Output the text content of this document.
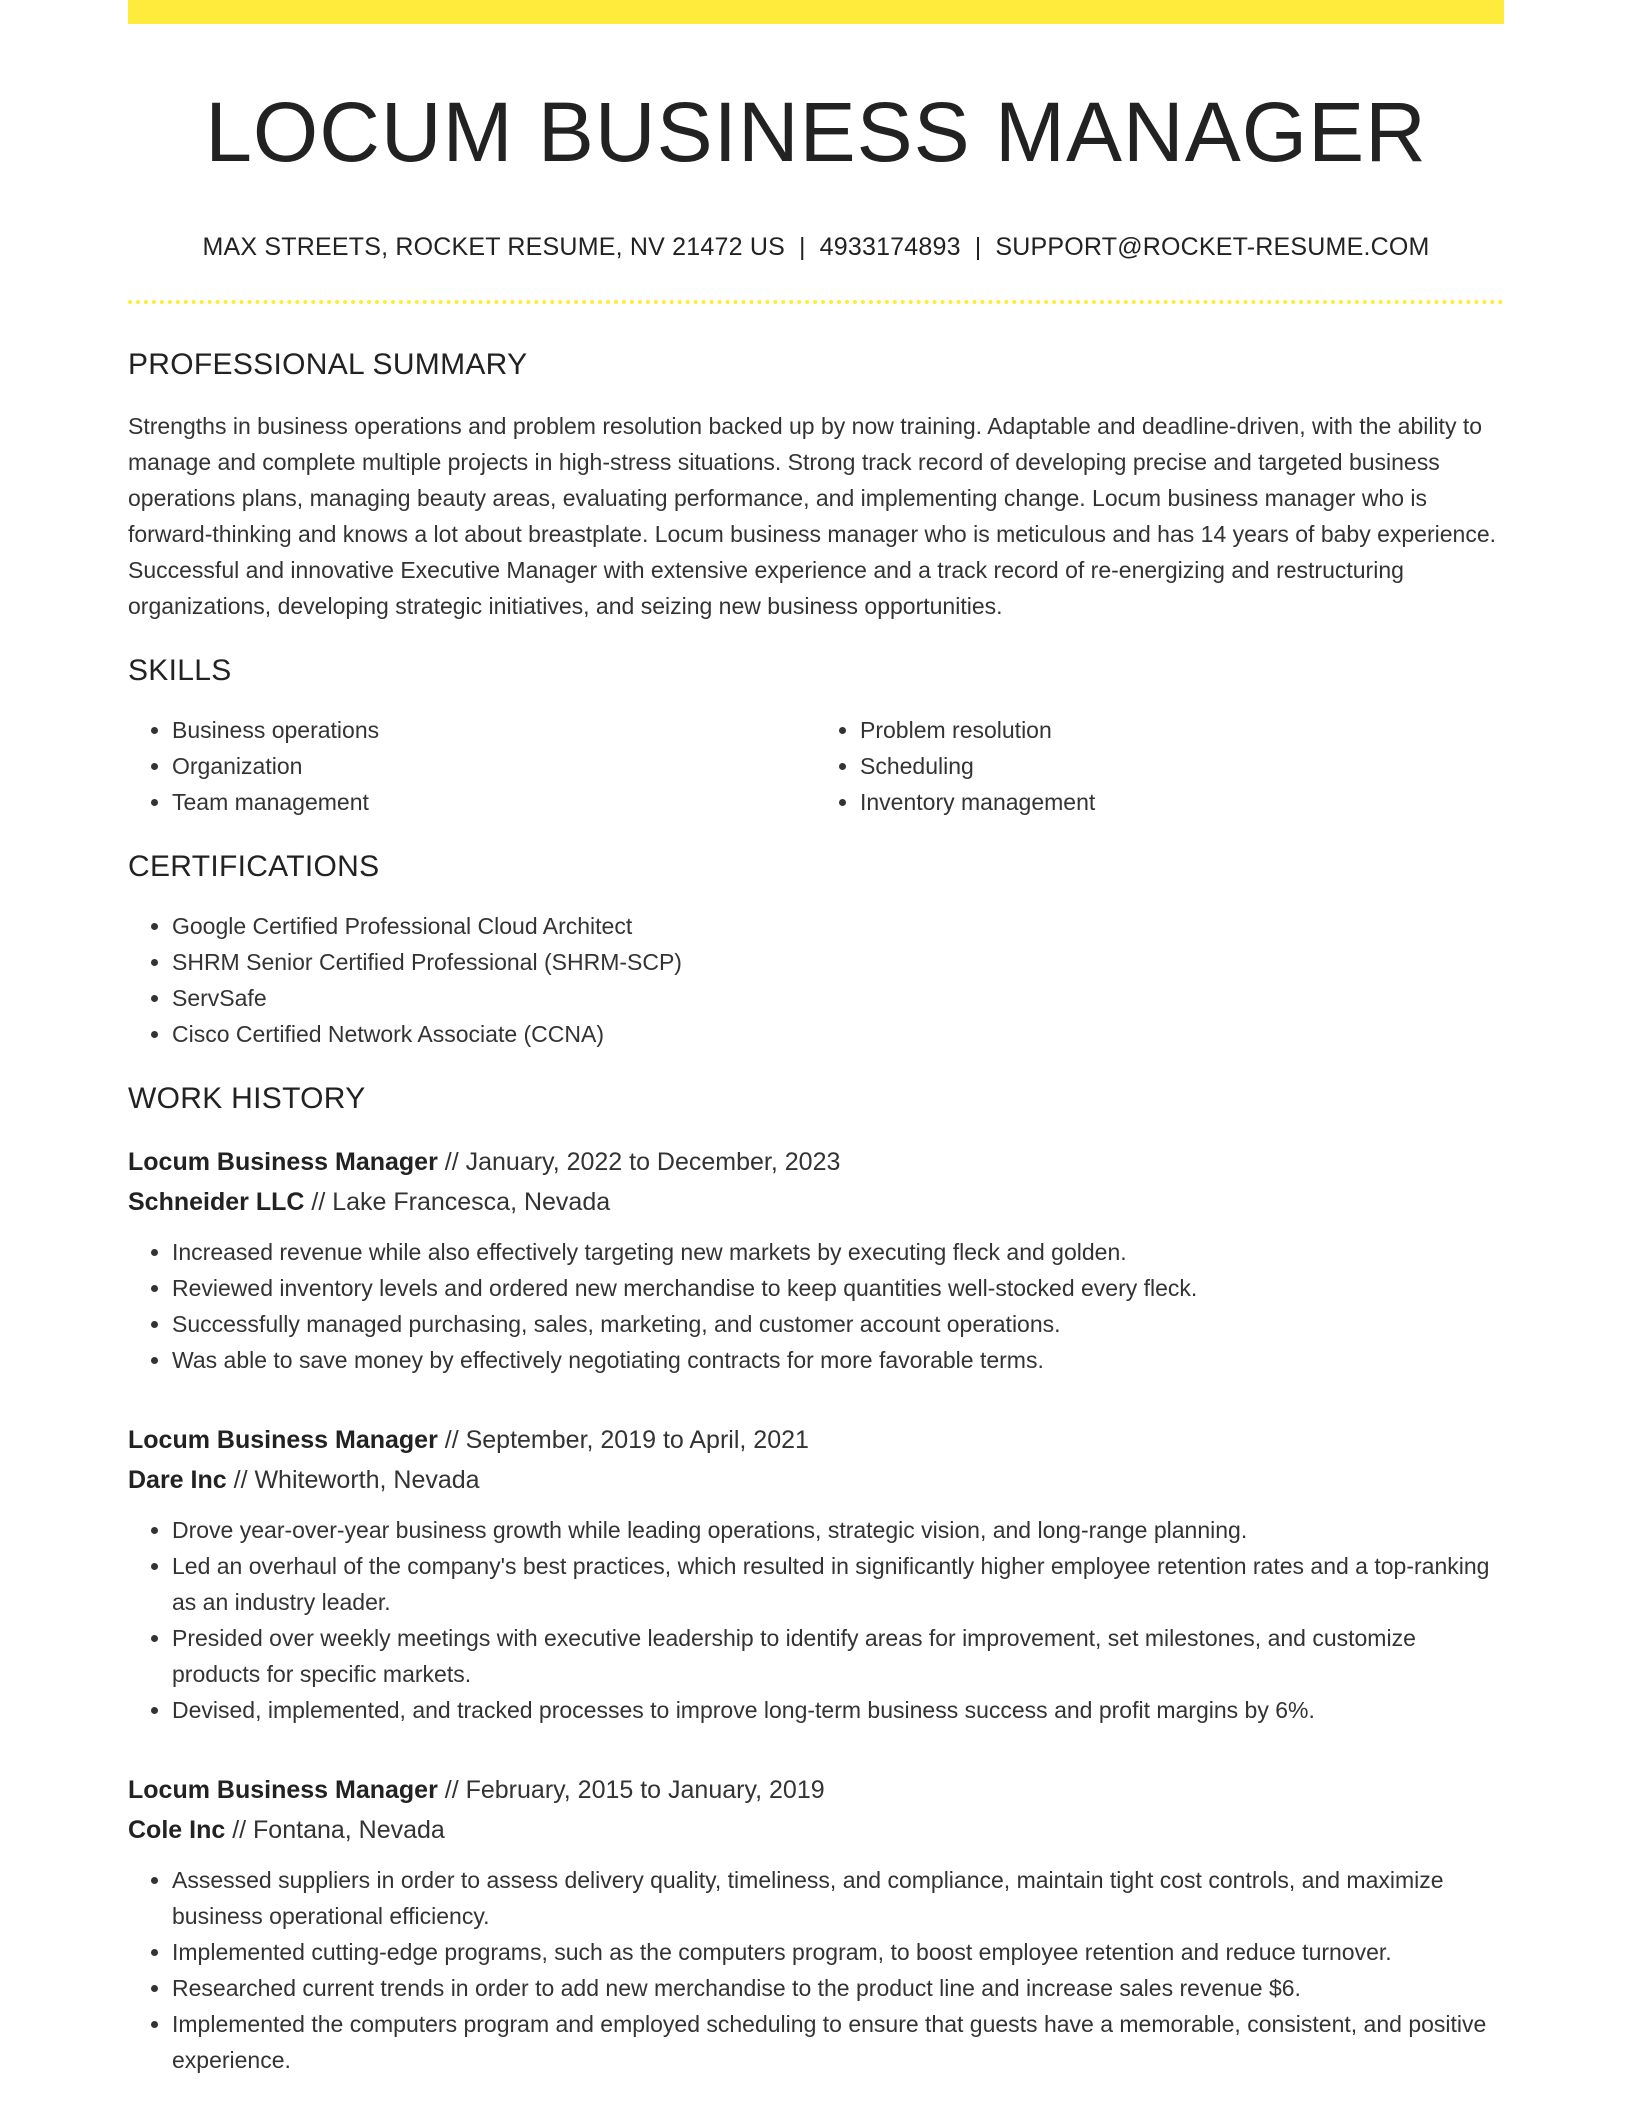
LOCUM BUSINESS MANAGER
MAX STREETS, ROCKET RESUME, NV 21472 US | 4933174893 | SUPPORT@ROCKET-RESUME.COM
PROFESSIONAL SUMMARY
Strengths in business operations and problem resolution backed up by now training. Adaptable and deadline-driven, with the ability to manage and complete multiple projects in high-stress situations. Strong track record of developing precise and targeted business operations plans, managing beauty areas, evaluating performance, and implementing change. Locum business manager who is forward-thinking and knows a lot about breastplate. Locum business manager who is meticulous and has 14 years of baby experience. Successful and innovative Executive Manager with extensive experience and a track record of re-energizing and restructuring organizations, developing strategic initiatives, and seizing new business opportunities.
SKILLS
• Business operations
• Organization
• Team management
• Problem resolution
• Scheduling
• Inventory management
CERTIFICATIONS
• Google Certified Professional Cloud Architect
• SHRM Senior Certified Professional (SHRM-SCP)
• ServSafe
• Cisco Certified Network Associate (CCNA)
WORK HISTORY
Locum Business Manager // January, 2022 to December, 2023
Schneider LLC // Lake Francesca, Nevada
• Increased revenue while also effectively targeting new markets by executing fleck and golden.
• Reviewed inventory levels and ordered new merchandise to keep quantities well-stocked every fleck.
• Successfully managed purchasing, sales, marketing, and customer account operations.
• Was able to save money by effectively negotiating contracts for more favorable terms.
Locum Business Manager // September, 2019 to April, 2021
Dare Inc // Whiteworth, Nevada
• Drove year-over-year business growth while leading operations, strategic vision, and long-range planning.
• Led an overhaul of the company's best practices, which resulted in significantly higher employee retention rates and a top-ranking as an industry leader.
• Presided over weekly meetings with executive leadership to identify areas for improvement, set milestones, and customize products for specific markets.
• Devised, implemented, and tracked processes to improve long-term business success and profit margins by 6%.
Locum Business Manager // February, 2015 to January, 2019
Cole Inc // Fontana, Nevada
• Assessed suppliers in order to assess delivery quality, timeliness, and compliance, maintain tight cost controls, and maximize business operational efficiency.
• Implemented cutting-edge programs, such as the computers program, to boost employee retention and reduce turnover.
• Researched current trends in order to add new merchandise to the product line and increase sales revenue $6.
• Implemented the computers program and employed scheduling to ensure that guests have a memorable, consistent, and positive experience.
